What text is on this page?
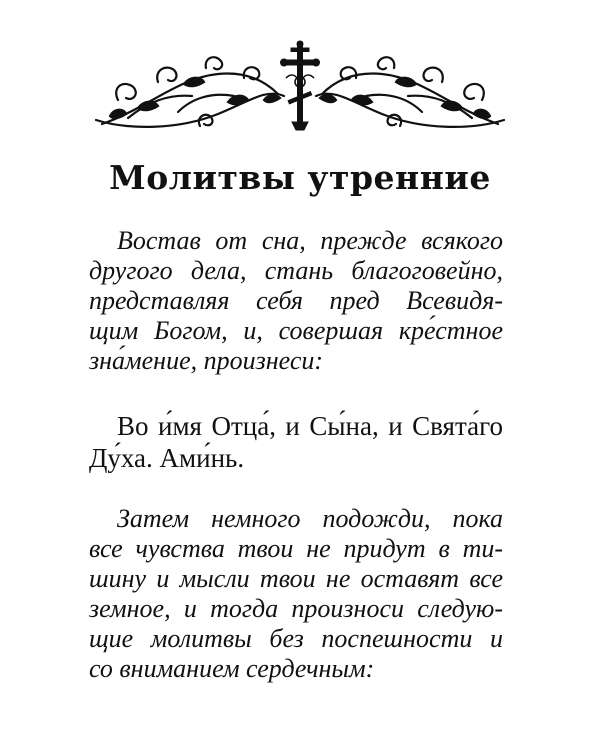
Молитвы утренние

Востав от сна, прежде всякого
другого дела, стань благоговейно,
представляя себя пред Всевидя-
щим Богом, и, совершая кре́стное
зна́мение, произнеси:

Во и́мя Отца́, и Сы́на, и Свята́го
Ду́ха. Ами́нь.

Затем немного подожди, пока
все чувства твои не придут в ти-
шину и мысли твои не оставят все
земное, и тогда произноси следую-
щие молитвы без поспешности и
со вниманием сердечным:
